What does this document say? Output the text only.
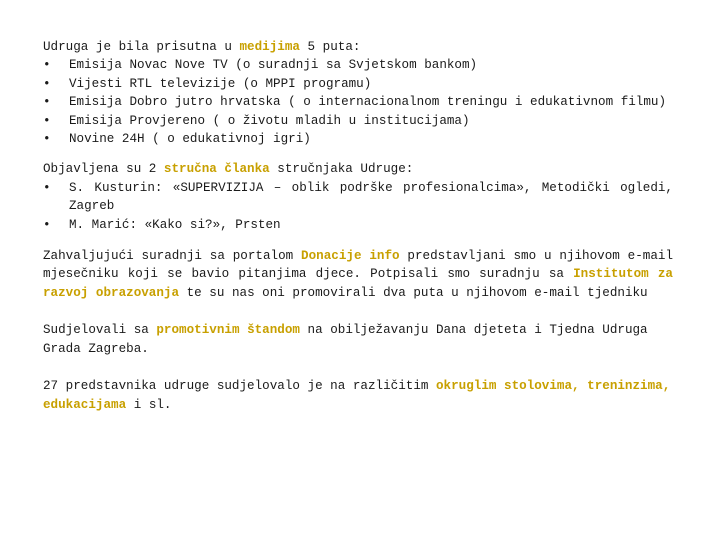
Udruga je bila prisutna u medijima 5 puta:

• Emisija Novac Nove TV (o suradnji sa Svjetskom bankom)
• Vijesti RTL televizije (o MPPI programu)
• Emisija Dobro jutro hrvatska ( o internacionalnom treningu i edukativnom filmu)
• Emisija Provjereno ( o životu mladih u institucijama)
• Novine 24H ( o edukativnoj igri)

Objavljena su 2 stručna članka stručnjaka Udruge:

• S. Kusturin: «SUPERVIZIJA – oblik podrške profesionalcima», Metodički ogledi, Zagreb
• M. Marić: «Kako si?», Prsten

Zahvaljujući suradnji sa portalom Donacije info predstavljani smo u njihovom e-mail mjesečniku koji se bavio pitanjima djece. Potpisali smo suradnju sa Institutom za razvoj obrazovanja te su nas oni promovirali dva puta u njihovom e-mail tjedniku

Sudjelovali sa promotivnim štandom na obilježavanju Dana djeteta i Tjedna Udruga Grada Zagreba.

27 predstavnika udruge sudjelovalo je na različitim okruglim stolovima, treninzima, edukacijama i sl.
